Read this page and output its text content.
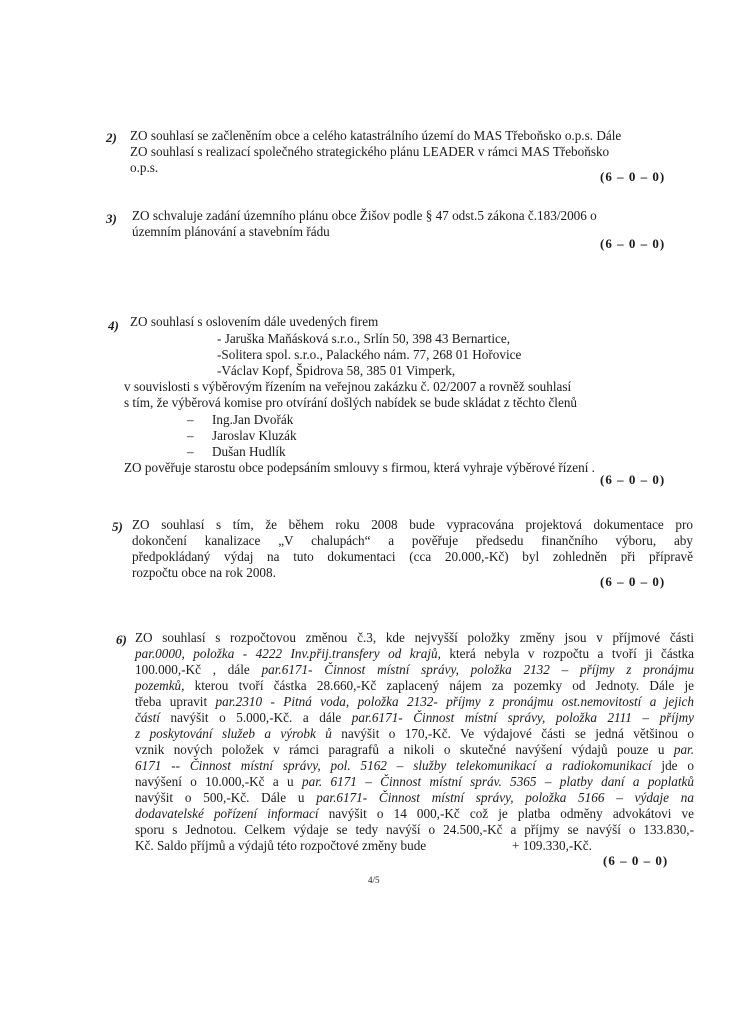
2) ZO souhlasí se začleněním obce a celého katastrálního území do MAS Třeboňsko o.p.s. Dále
ZO souhlasí s realizací společného strategického plánu LEADER v rámci MAS Třeboňsko
o.p.s.
(6 – 0 – 0)
3) ZO schvaluje zadání územního plánu obce Žišov podle § 47 odst.5 zákona č.183/2006 o
územním plánování a stavebním řádu
(6 – 0 – 0)
4) ZO souhlasí s oslovením dále uvedených firem
- Jaruška Maňásková s.r.o., Srlín 50, 398 43 Bernartice,
-Solitera spol. s.r.o., Palackého nám. 77, 268 01 Hořovice
-Václav Kopf, Špidrova 58, 385 01 Vimperk,
v souvislosti s výběrovým řízením na veřejnou zakázku č. 02/2007 a rovněž souhlasí
s tím, že výběrová komise pro otvírání došlých nabídek se bude skládat z těchto členů
– Ing.Jan Dvořák
– Jaroslav Kluzák
– Dušan Hudlík
ZO pověřuje starostu obce podepsáním smlouvy s firmou, která vyhraje výběrové řízení .
(6 – 0 – 0)
5) ZO souhlasí s tím, že během roku 2008 bude vypracována projektová dokumentace pro
dokončení kanalizace „V chalupách“ a pověřuje předsedu finančního výboru, aby
předpokládaný výdaj na tuto dokumentaci (cca 20.000,-Kč) byl zohledněn při přípravě
rozpočtu obce na rok 2008.
(6 – 0 – 0)
6) ZO souhlasí s rozpočtovou změnou č.3, kde nejvyšší položky změny jsou v příjmové části
par.0000, položka - 4222 Inv.přij.transfery od krajů, která nebyla v rozpočtu a tvoří ji částka
100.000,-Kč , dále par.6171- Činnost místní správy, položka 2132 – příjmy z pronájmu
pozemků, kterou tvoří částka 28.660,-Kč zaplacený nájem za pozemky od Jednoty. Dále je
třeba upravit par.2310 - Pitná voda, položka 2132- příjmy z pronájmu ost.nemovitostí a jejich
částí navýšit o 5.000,-Kč. a dále par.6171- Činnost místní správy, položka 2111 – příjmy
z poskytování služeb a výrobk ů navýšit o 170,-Kč. Ve výdajové části se jedná většinou o
vznik nových položek v rámci paragrafů a nikoli o skutečné navýšení výdajů pouze u par.
6171 -- Činnost místní správy, pol. 5162 – služby telekomunikací a radiokomunikací jde o
navýšení o 10.000,-Kč a u par. 6171 – Činnost místní správ. 5365 – platby daní a poplatků
navýšit o 500,-Kč. Dále u par.6171- Činnost místní správy, položka 5166 – výdaje na
dodavatelské pořízení informací navýšit o 14 000,-Kč což je platba odměny advokátovi ve
sporu s Jednotou. Celkem výdaje se tedy navýší o 24.500,-Kč a příjmy se navýší o 133.830,-
Kč. Saldo příjmů a výdajů této rozpočtové změny bude	+ 109.330,-Kč.
(6 – 0 – 0)
4/5
